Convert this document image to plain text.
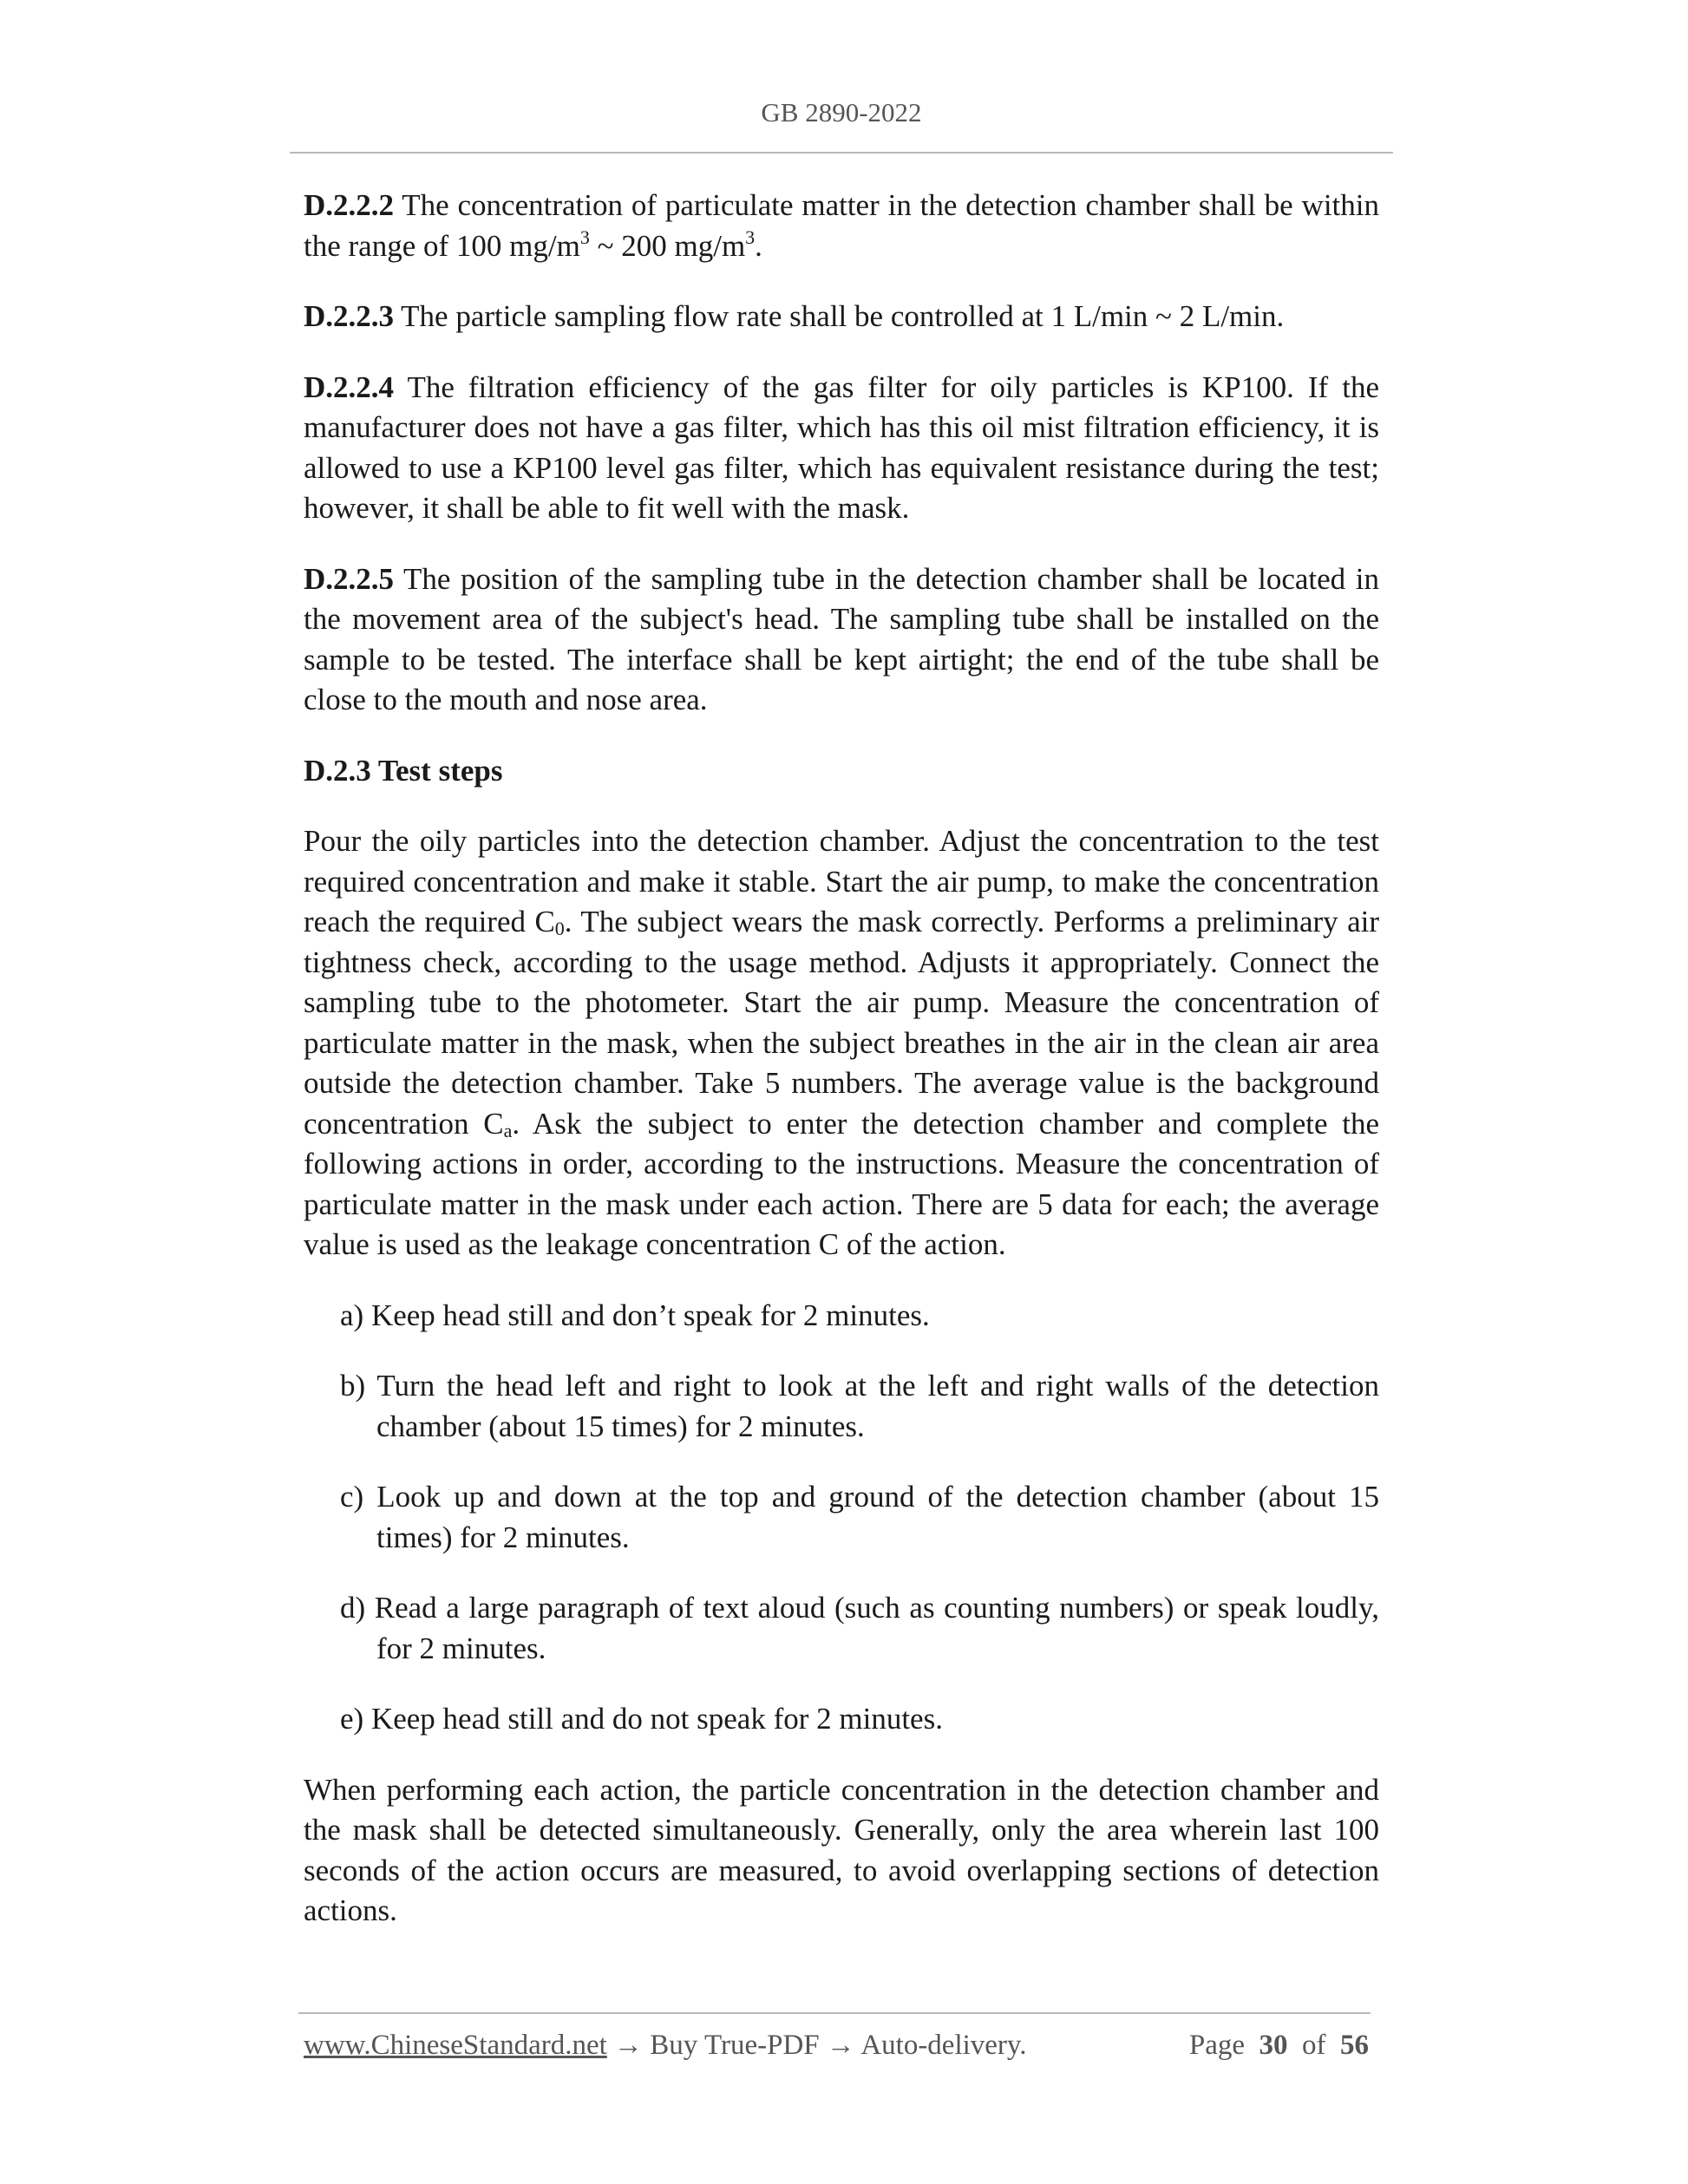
GB 2890-2022

D.2.2.2 The concentration of particulate matter in the detection chamber shall be within the range of 100 $mg/m^3$ ~ 200 $mg/m^3$.

D.2.2.3 The particle sampling flow rate shall be controlled at 1 L/min ~ 2 L/min.

D.2.2.4 The filtration efficiency of the gas filter for oily particles is KP100. If the manufacturer does not have a gas filter, which has this oil mist filtration efficiency, it is allowed to use a KP100 level gas filter, which has equivalent resistance during the test; however, it shall be able to fit well with the mask.

D.2.2.5 The position of the sampling tube in the detection chamber shall be located in the movement area of the subject's head. The sampling tube shall be installed on the sample to be tested. The interface shall be kept airtight; the end of the tube shall be close to the mouth and nose area.

D.2.3 Test steps

Pour the oily particles into the detection chamber. Adjust the concentration to the test required concentration and make it stable. Start the air pump, to make the concentration reach the required C0. The subject wears the mask correctly. Performs a preliminary air tightness check, according to the usage method. Adjusts it appropriately. Connect the sampling tube to the photometer. Start the air pump. Measure the concentration of particulate matter in the mask, when the subject breathes in the air in the clean air area outside the detection chamber. Take 5 numbers. The average value is the background concentration Ca. Ask the subject to enter the detection chamber and complete the following actions in order, according to the instructions. Measure the concentration of particulate matter in the mask under each action. There are 5 data for each; the average value is used as the leakage concentration C of the action.

a) Keep head still and don’t speak for 2 minutes.

b) Turn the head left and right to look at the left and right walls of the detection chamber (about 15 times) for 2 minutes.

c) Look up and down at the top and ground of the detection chamber (about 15 times) for 2 minutes.

d) Read a large paragraph of text aloud (such as counting numbers) or speak loudly, for 2 minutes.

e) Keep head still and do not speak for 2 minutes.

When performing each action, the particle concentration in the detection chamber and the mask shall be detected simultaneously. Generally, only the area wherein last 100 seconds of the action occurs are measured, to avoid overlapping sections of detection actions.

www.ChineseStandard.net → Buy True-PDF → Auto-delivery.	Page 30 of 56
